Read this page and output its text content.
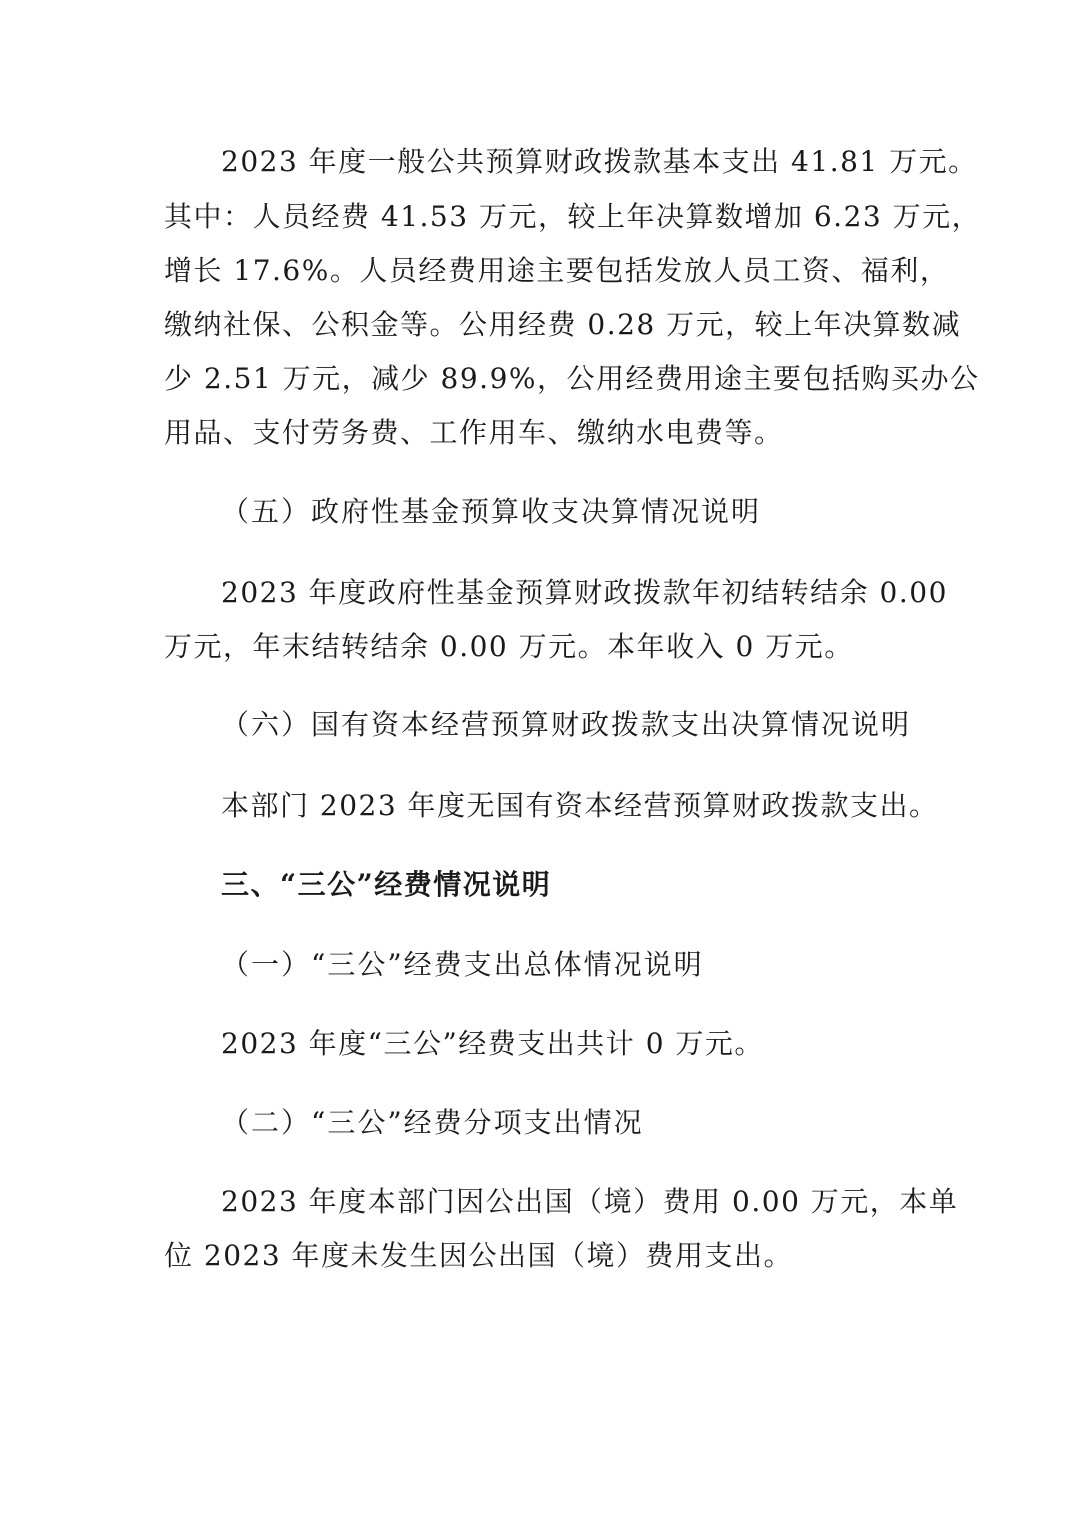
2023 年度一般公共预算财政拨款基本支出 41.81 万元。
其中：人员经费 41.53 万元，较上年决算数增加 6.23 万元，
增长 17.6%。人员经费用途主要包括发放人员工资、福利，
缴纳社保、公积金等。公用经费 0.28 万元，较上年决算数减
少 2.51 万元，减少 89.9%，公用经费用途主要包括购买办公
用品、支付劳务费、工作用车、缴纳水电费等。
（五）政府性基金预算收支决算情况说明
2023 年度政府性基金预算财政拨款年初结转结余 0.00
万元，年末结转结余 0.00 万元。本年收入 0 万元。
（六）国有资本经营预算财政拨款支出决算情况说明
本部门 2023 年度无国有资本经营预算财政拨款支出。
三、“三公”经费情况说明
（一）“三公”经费支出总体情况说明
2023 年度“三公”经费支出共计 0 万元。
（二）“三公”经费分项支出情况
2023 年度本部门因公出国（境）费用 0.00 万元，本单
位 2023 年度未发生因公出国（境）费用支出。
